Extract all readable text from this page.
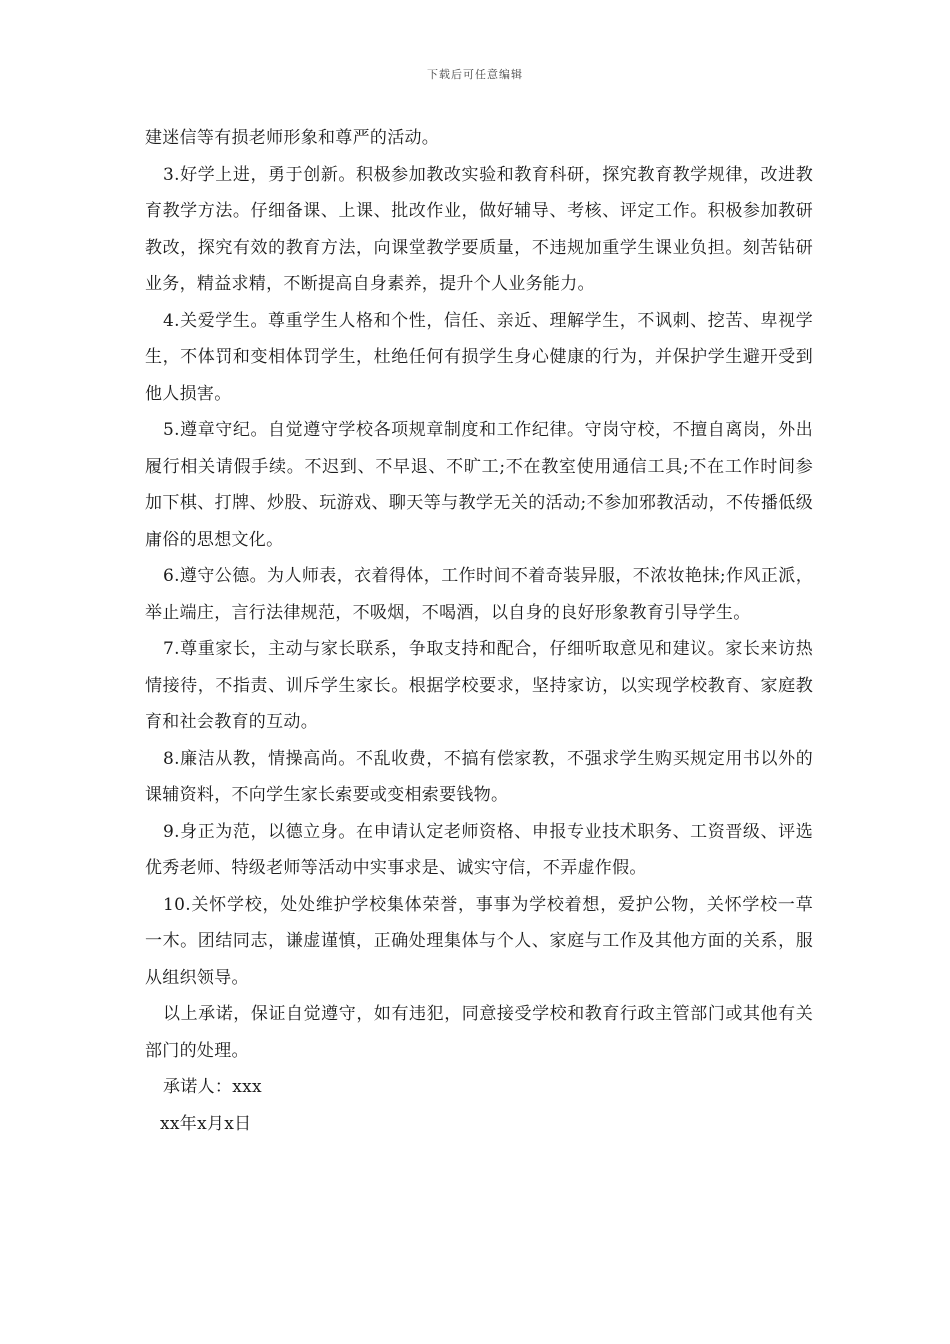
下载后可任意编辑

建迷信等有损老师形象和尊严的活动。

3.好学上进，勇于创新。积极参加教改实验和教育科研，探究教育教学规律，改进教育教学方法。仔细备课、上课、批改作业，做好辅导、考核、评定工作。积极参加教研教改，探究有效的教育方法，向课堂教学要质量，不违规加重学生课业负担。刻苦钻研业务，精益求精，不断提高自身素养，提升个人业务能力。

4.关爱学生。尊重学生人格和个性，信任、亲近、理解学生，不讽刺、挖苦、卑视学生，不体罚和变相体罚学生，杜绝任何有损学生身心健康的行为，并保护学生避开受到他人损害。

5.遵章守纪。自觉遵守学校各项规章制度和工作纪律。守岗守校，不擅自离岗，外出履行相关请假手续。不迟到、不早退、不旷工;不在教室使用通信工具;不在工作时间参加下棋、打牌、炒股、玩游戏、聊天等与教学无关的活动;不参加邪教活动，不传播低级庸俗的思想文化。

6.遵守公德。为人师表，衣着得体，工作时间不着奇装异服，不浓妆艳抹;作风正派，举止端庄，言行法律规范，不吸烟，不喝酒，以自身的良好形象教育引导学生。

7.尊重家长，主动与家长联系，争取支持和配合，仔细听取意见和建议。家长来访热情接待，不指责、训斥学生家长。根据学校要求，坚持家访，以实现学校教育、家庭教育和社会教育的互动。

8.廉洁从教，情操高尚。不乱收费，不搞有偿家教，不强求学生购买规定用书以外的课辅资料，不向学生家长索要或变相索要钱物。

9.身正为范，以德立身。在申请认定老师资格、申报专业技术职务、工资晋级、评选优秀老师、特级老师等活动中实事求是、诚实守信，不弄虚作假。

10.关怀学校，处处维护学校集体荣誉，事事为学校着想，爱护公物，关怀学校一草一木。团结同志，谦虚谨慎，正确处理集体与个人、家庭与工作及其他方面的关系，服从组织领导。

以上承诺，保证自觉遵守，如有违犯，同意接受学校和教育行政主管部门或其他有关部门的处理。

承诺人：xxx

xx年x月x日
